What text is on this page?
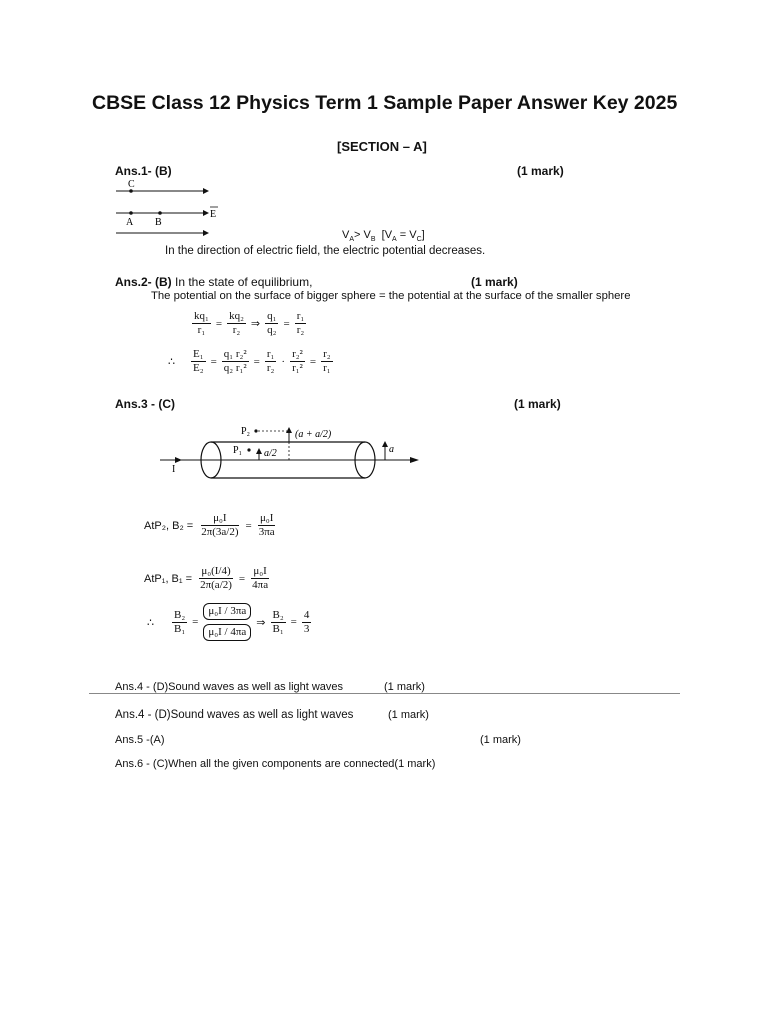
CBSE Class 12 Physics Term 1 Sample Paper Answer Key 2025
[SECTION – A]
Ans.1- (B)	(1 mark)
C
A B
E
$V_A> V_B$ $[V_A = V_C]$
In the direction of electric field, the electric potential decreases.
Ans.2- (B) In the state of equilibrium,	(1 mark)
The potential on the surface of bigger sphere = the potential at the surface of the smaller sphere
$\frac{\text{kq₁}}{\text{r₁}} = \frac{\text{kq₂}}{\text{r₂}}$ ⇒ $\frac{\text{q₁}}{\text{q₂}} = \frac{\text{r₁}}{\text{r₂}}$
∴ $\frac{\text{E₁}}{\text{E₂}} = \frac{\text{q₁ r₂²}}{\text{q₂ r₁²}} = \frac{\text{r₁}}{\text{r₂}} \cdot \frac{\text{r₂²}}{\text{r₁²}} = \frac{\text{r₂}}{\text{r₁}}$
Ans.3 - (C)	(1 mark)
P₂	(a + a/2)
P₁ a/2	a
I
AtP₂, $B_2 = \frac{\text{μ₀I}}{2\pi(3a/2)} = \frac{\text{μ₀I}}{3\pi a}$
AtP₁, $B_1 = \frac{\text{μ₀(I/4)}}{2\pi(a/2)} = \frac{\text{μ₀I}}{4\pi a}$
∴ $\frac{\text{B₂}}{\text{B₁}} = \frac{\text{μ₀I / 3πa}}{\text{μ₀I / 4πa}}$ ⇒ $\frac{\text{B₂}}{\text{B₁}} = \frac{4}{3}$
Ans.4 - (D)Sound waves as well as light waves	(1 mark)
Ans.4 - (D)Sound waves as well as light waves	(1 mark)
Ans.5 -(A)	(1 mark)
Ans.6 - (C)When all the given components are connected(1 mark)
